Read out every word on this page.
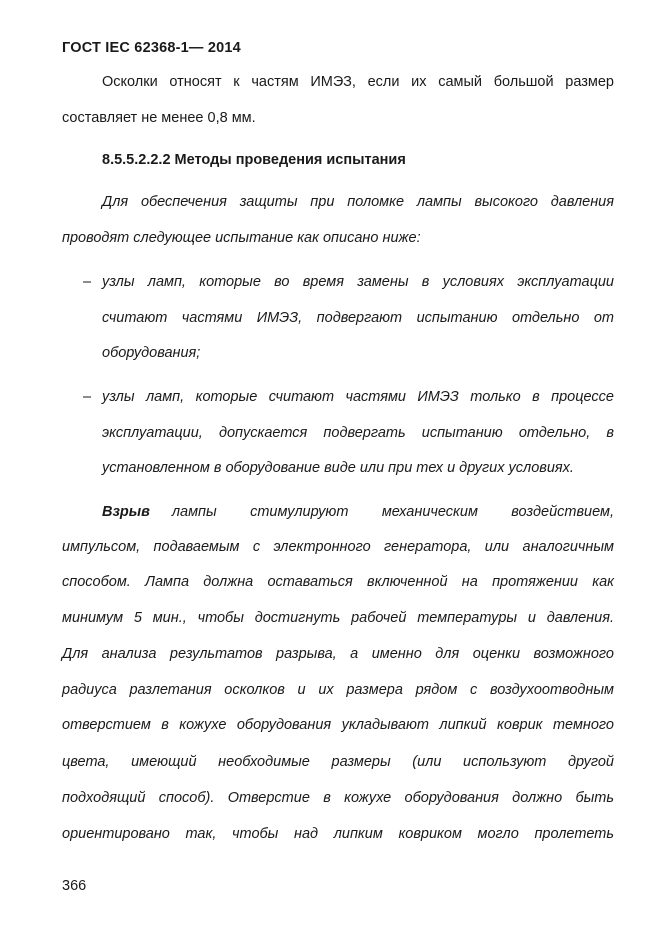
ГОСТ IEC 62368-1— 2014
Осколки относят к частям ИМЭЗ, если их самый большой размер
составляет не менее 0,8 мм.
8.5.5.2.2.2 Методы проведения испытания
Для обеспечения защиты при поломке лампы высокого давления
проводят следующее испытание как описано ниже:
– узлы ламп, которые во время замены в условиях эксплуатации
считают частями ИМЭЗ, подвергают испытанию отдельно от
оборудования;
– узлы ламп, которые считают частями ИМЭЗ только в процессе
эксплуатации, допускается подвергать испытанию отдельно, в
установленном в оборудование виде или при тех и других условиях.
Взрыв лампы стимулируют механическим воздействием,
импульсом, подаваемым с электронного генератора, или аналогичным
способом. Лампа должна оставаться включенной на протяжении как
минимум 5 мин., чтобы достигнуть рабочей температуры и давления.
Для анализа результатов разрыва, а именно для оценки возможного
радиуса разлетания осколков и их размера рядом с воздухоотводным
отверстием в кожухе оборудования укладывают липкий коврик темного
цвета, имеющий необходимые размеры (или используют другой
подходящий способ). Отверстие в кожухе оборудования должно быть
ориентировано так, чтобы над липким ковриком могло пролететь
366
